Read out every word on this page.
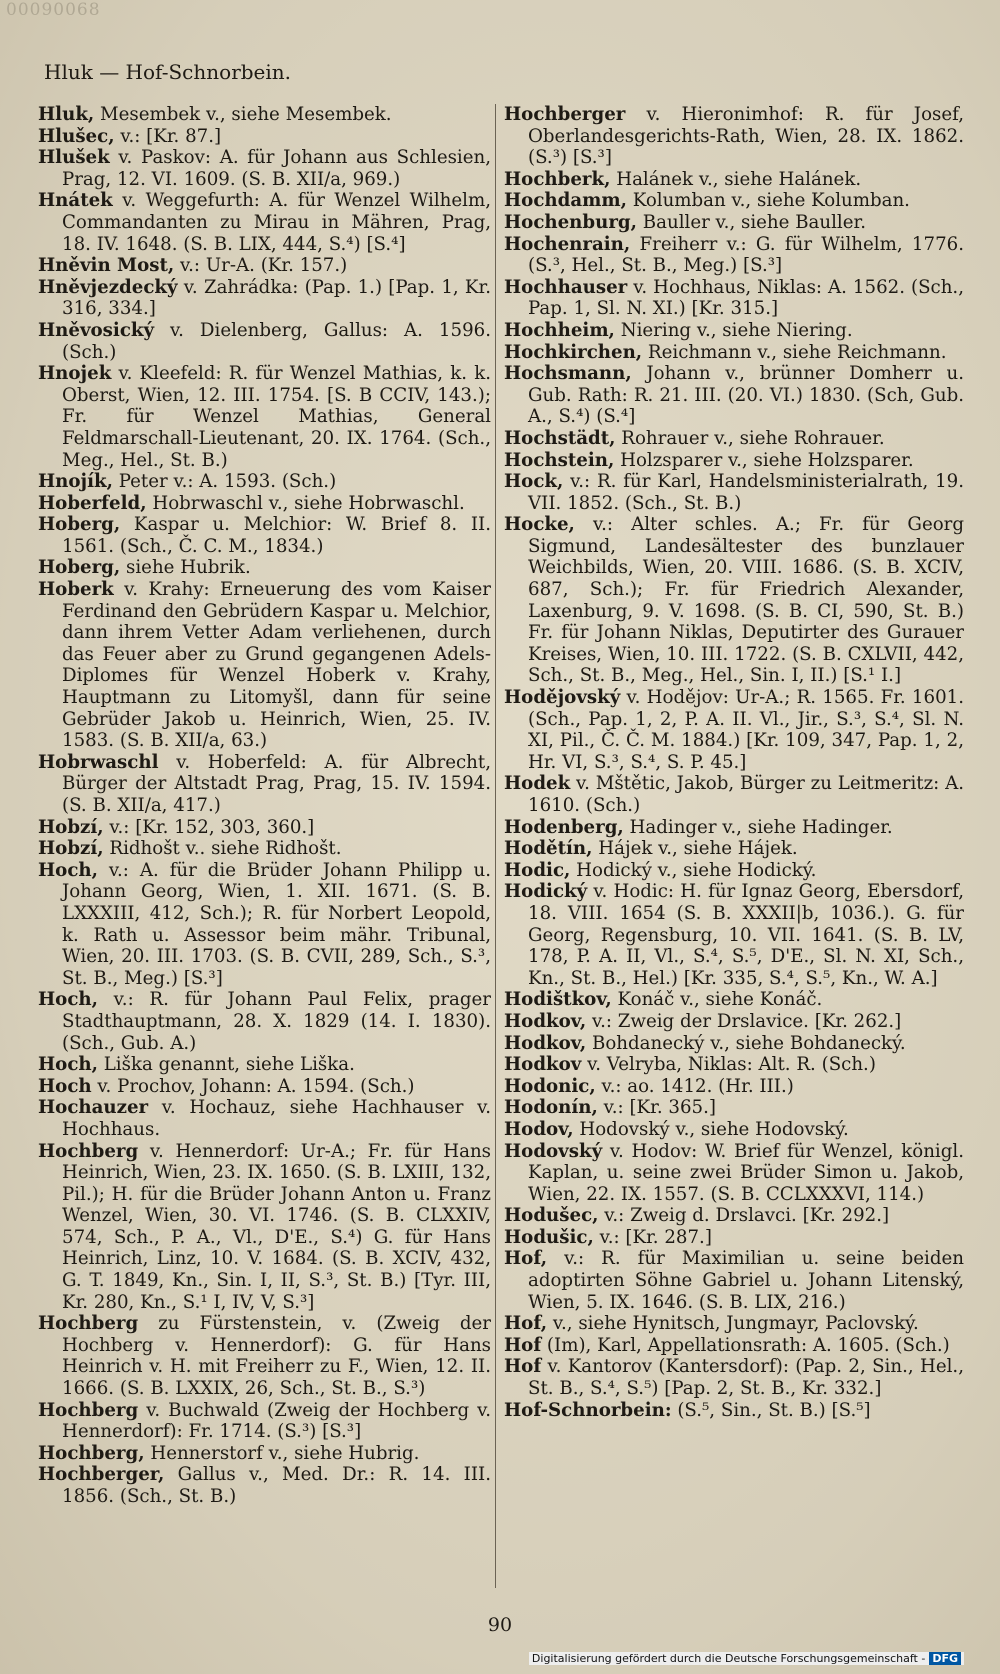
00090068
Hluk — Hof-Schnorbein.
Hluk, Mesembek v., siehe Mesembek.
Hlušec, v.: [Kr. 87.]
Hlušek v. Paskov: A. für Johann aus Schlesien, Prag, 12. VI. 1609. (S. B. XII/a, 969.)
Hnátek v. Weggefurth: A. für Wenzel Wilhelm, Commandanten zu Mirau in Mähren, Prag, 18. IV. 1648. (S. B. LIX, 444, S.⁴) [S.⁴]
Hněvin Most, v.: Ur-A. (Kr. 157.)
Hněvjezdecký v. Zahrádka: (Pap. 1.) [Pap. 1, Kr. 316, 334.]
Hněvosický v. Dielenberg, Gallus: A. 1596. (Sch.)
Hnojek v. Kleefeld: R. für Wenzel Mathias, k. k. Oberst, Wien, 12. III. 1754. [S. B CCIV, 143.); Fr. für Wenzel Mathias, General Feldmarschall-Lieutenant, 20. IX. 1764. (Sch., Meg., Hel., St. B.)
Hnojík, Peter v.: A. 1593. (Sch.)
Hoberfeld, Hobrwaschl v., siehe Hobrwaschl.
Hoberg, Kaspar u. Melchior: W. Brief 8. II. 1561. (Sch., Č. C. M., 1834.)
Hoberg, siehe Hubrik.
Hoberk v. Krahy: Erneuerung des vom Kaiser Ferdinand den Gebrüdern Kaspar u. Melchior, dann ihrem Vetter Adam verliehenen, durch das Feuer aber zu Grund gegangenen Adels-Diplomes für Wenzel Hoberk v. Krahy, Hauptmann zu Litomyšl, dann für seine Gebrüder Jakob u. Heinrich, Wien, 25. IV. 1583. (S. B. XII/a, 63.)
Hobrwaschl v. Hoberfeld: A. für Albrecht, Bürger der Altstadt Prag, Prag, 15. IV. 1594. (S. B. XII/a, 417.)
Hobzí, v.: [Kr. 152, 303, 360.]
Hobzí, Ridhošt v.. siehe Ridhošt.
Hoch, v.: A. für die Brüder Johann Philipp u. Johann Georg, Wien, 1. XII. 1671. (S. B. LXXXIII, 412, Sch.); R. für Norbert Leopold, k. Rath u. Assessor beim mähr. Tribunal, Wien, 20. III. 1703. (S. B. CVII, 289, Sch., S.³, St. B., Meg.) [S.³]
Hoch, v.: R. für Johann Paul Felix, prager Stadthauptmann, 28. X. 1829 (14. I. 1830). (Sch., Gub. A.)
Hoch, Liška genannt, siehe Liška.
Hoch v. Prochov, Johann: A. 1594. (Sch.)
Hochauzer v. Hochauz, siehe Hachhauser v. Hochhaus.
Hochberg v. Hennerdorf: Ur-A.; Fr. für Hans Heinrich, Wien, 23. IX. 1650. (S. B. LXIII, 132, Pil.); H. für die Brüder Johann Anton u. Franz Wenzel, Wien, 30. VI. 1746. (S. B. CLXXIV, 574, Sch., P. A., Vl., D'E., S.⁴) G. für Hans Heinrich, Linz, 10. V. 1684. (S. B. XCIV, 432, G. T. 1849, Kn., Sin. I, II, S.³, St. B.) [Tyr. III, Kr. 280, Kn., S.¹ I, IV, V, S.³]
Hochberg zu Fürstenstein, v. (Zweig der Hochberg v. Hennerdorf): G. für Hans Heinrich v. H. mit Freiherr zu F., Wien, 12. II. 1666. (S. B. LXXIX, 26, Sch., St. B., S.³)
Hochberg v. Buchwald (Zweig der Hochberg v. Hennerdorf): Fr. 1714. (S.³) [S.³]
Hochberg, Hennerstorf v., siehe Hubrig.
Hochberger, Gallus v., Med. Dr.: R. 14. III. 1856. (Sch., St. B.)
Hochberger v. Hieronimhof: R. für Josef, Oberlandesgerichts-Rath, Wien, 28. IX. 1862. (S.³) [S.³]
Hochberk, Halánek v., siehe Halánek.
Hochdamm, Kolumban v., siehe Kolumban.
Hochenburg, Bauller v., siehe Bauller.
Hochenrain, Freiherr v.: G. für Wilhelm, 1776. (S.³, Hel., St. B., Meg.) [S.³]
Hochhauser v. Hochhaus, Niklas: A. 1562. (Sch., Pap. 1, Sl. N. XI.) [Kr. 315.]
Hochheim, Niering v., siehe Niering.
Hochkirchen, Reichmann v., siehe Reichmann.
Hochsmann, Johann v., brünner Domherr u. Gub. Rath: R. 21. III. (20. VI.) 1830. (Sch, Gub. A., S.⁴) (S.⁴]
Hochstädt, Rohrauer v., siehe Rohrauer.
Hochstein, Holzsparer v., siehe Holzsparer.
Hock, v.: R. für Karl, Handelsministerialrath, 19. VII. 1852. (Sch., St. B.)
Hocke, v.: Alter schles. A.; Fr. für Georg Sigmund, Landesältester des bunzlauer Weichbilds, Wien, 20. VIII. 1686. (S. B. XCIV, 687, Sch.); Fr. für Friedrich Alexander, Laxenburg, 9. V. 1698. (S. B. CI, 590, St. B.) Fr. für Johann Niklas, Deputirter des Gurauer Kreises, Wien, 10. III. 1722. (S. B. CXLVII, 442, Sch., St. B., Meg., Hel., Sin. I, II.) [S.¹ I.]
Hodějovský v. Hodějov: Ur-A.; R. 1565. Fr. 1601. (Sch., Pap. 1, 2, P. A. II. Vl., Jir., S.³, S.⁴, Sl. N. XI, Pil., Č. Č. M. 1884.) [Kr. 109, 347, Pap. 1, 2, Hr. VI, S.³, S.⁴, S. P. 45.]
Hodek v. Mštětic, Jakob, Bürger zu Leitmeritz: A. 1610. (Sch.)
Hodenberg, Hadinger v., siehe Hadinger.
Hodětín, Hájek v., siehe Hájek.
Hodic, Hodický v., siehe Hodický.
Hodický v. Hodic: H. für Ignaz Georg, Ebersdorf, 18. VIII. 1654 (S. B. XXXII|b, 1036.). G. für Georg, Regensburg, 10. VII. 1641. (S. B. LV, 178, P. A. II, Vl., S.⁴, S.⁵, D'E., Sl. N. XI, Sch., Kn., St. B., Hel.) [Kr. 335, S.⁴, S.⁵, Kn., W. A.]
Hodištkov, Konáč v., siehe Konáč.
Hodkov, v.: Zweig der Drslavice. [Kr. 262.]
Hodkov, Bohdanecký v., siehe Bohdanecký.
Hodkov v. Velryba, Niklas: Alt. R. (Sch.)
Hodonic, v.: ao. 1412. (Hr. III.)
Hodonín, v.: [Kr. 365.]
Hodov, Hodovský v., siehe Hodovský.
Hodovský v. Hodov: W. Brief für Wenzel, königl. Kaplan, u. seine zwei Brüder Simon u. Jakob, Wien, 22. IX. 1557. (S. B. CCLXXXVI, 114.)
Hodušec, v.: Zweig d. Drslavci. [Kr. 292.]
Hodušic, v.: [Kr. 287.]
Hof, v.: R. für Maximilian u. seine beiden adoptirten Söhne Gabriel u. Johann Litenský, Wien, 5. IX. 1646. (S. B. LIX, 216.)
Hof, v., siehe Hynitsch, Jungmayr, Paclovský.
Hof (Im), Karl, Appellationsrath: A. 1605. (Sch.)
Hof v. Kantorov (Kantersdorf): (Pap. 2, Sin., Hel., St. B., S.⁴, S.⁵) [Pap. 2, St. B., Kr. 332.]
Hof-Schnorbein: (S.⁵, Sin., St. B.) [S.⁵]
90
Digitalisierung gefördert durch die Deutsche Forschungsgemeinschaft - DFG
